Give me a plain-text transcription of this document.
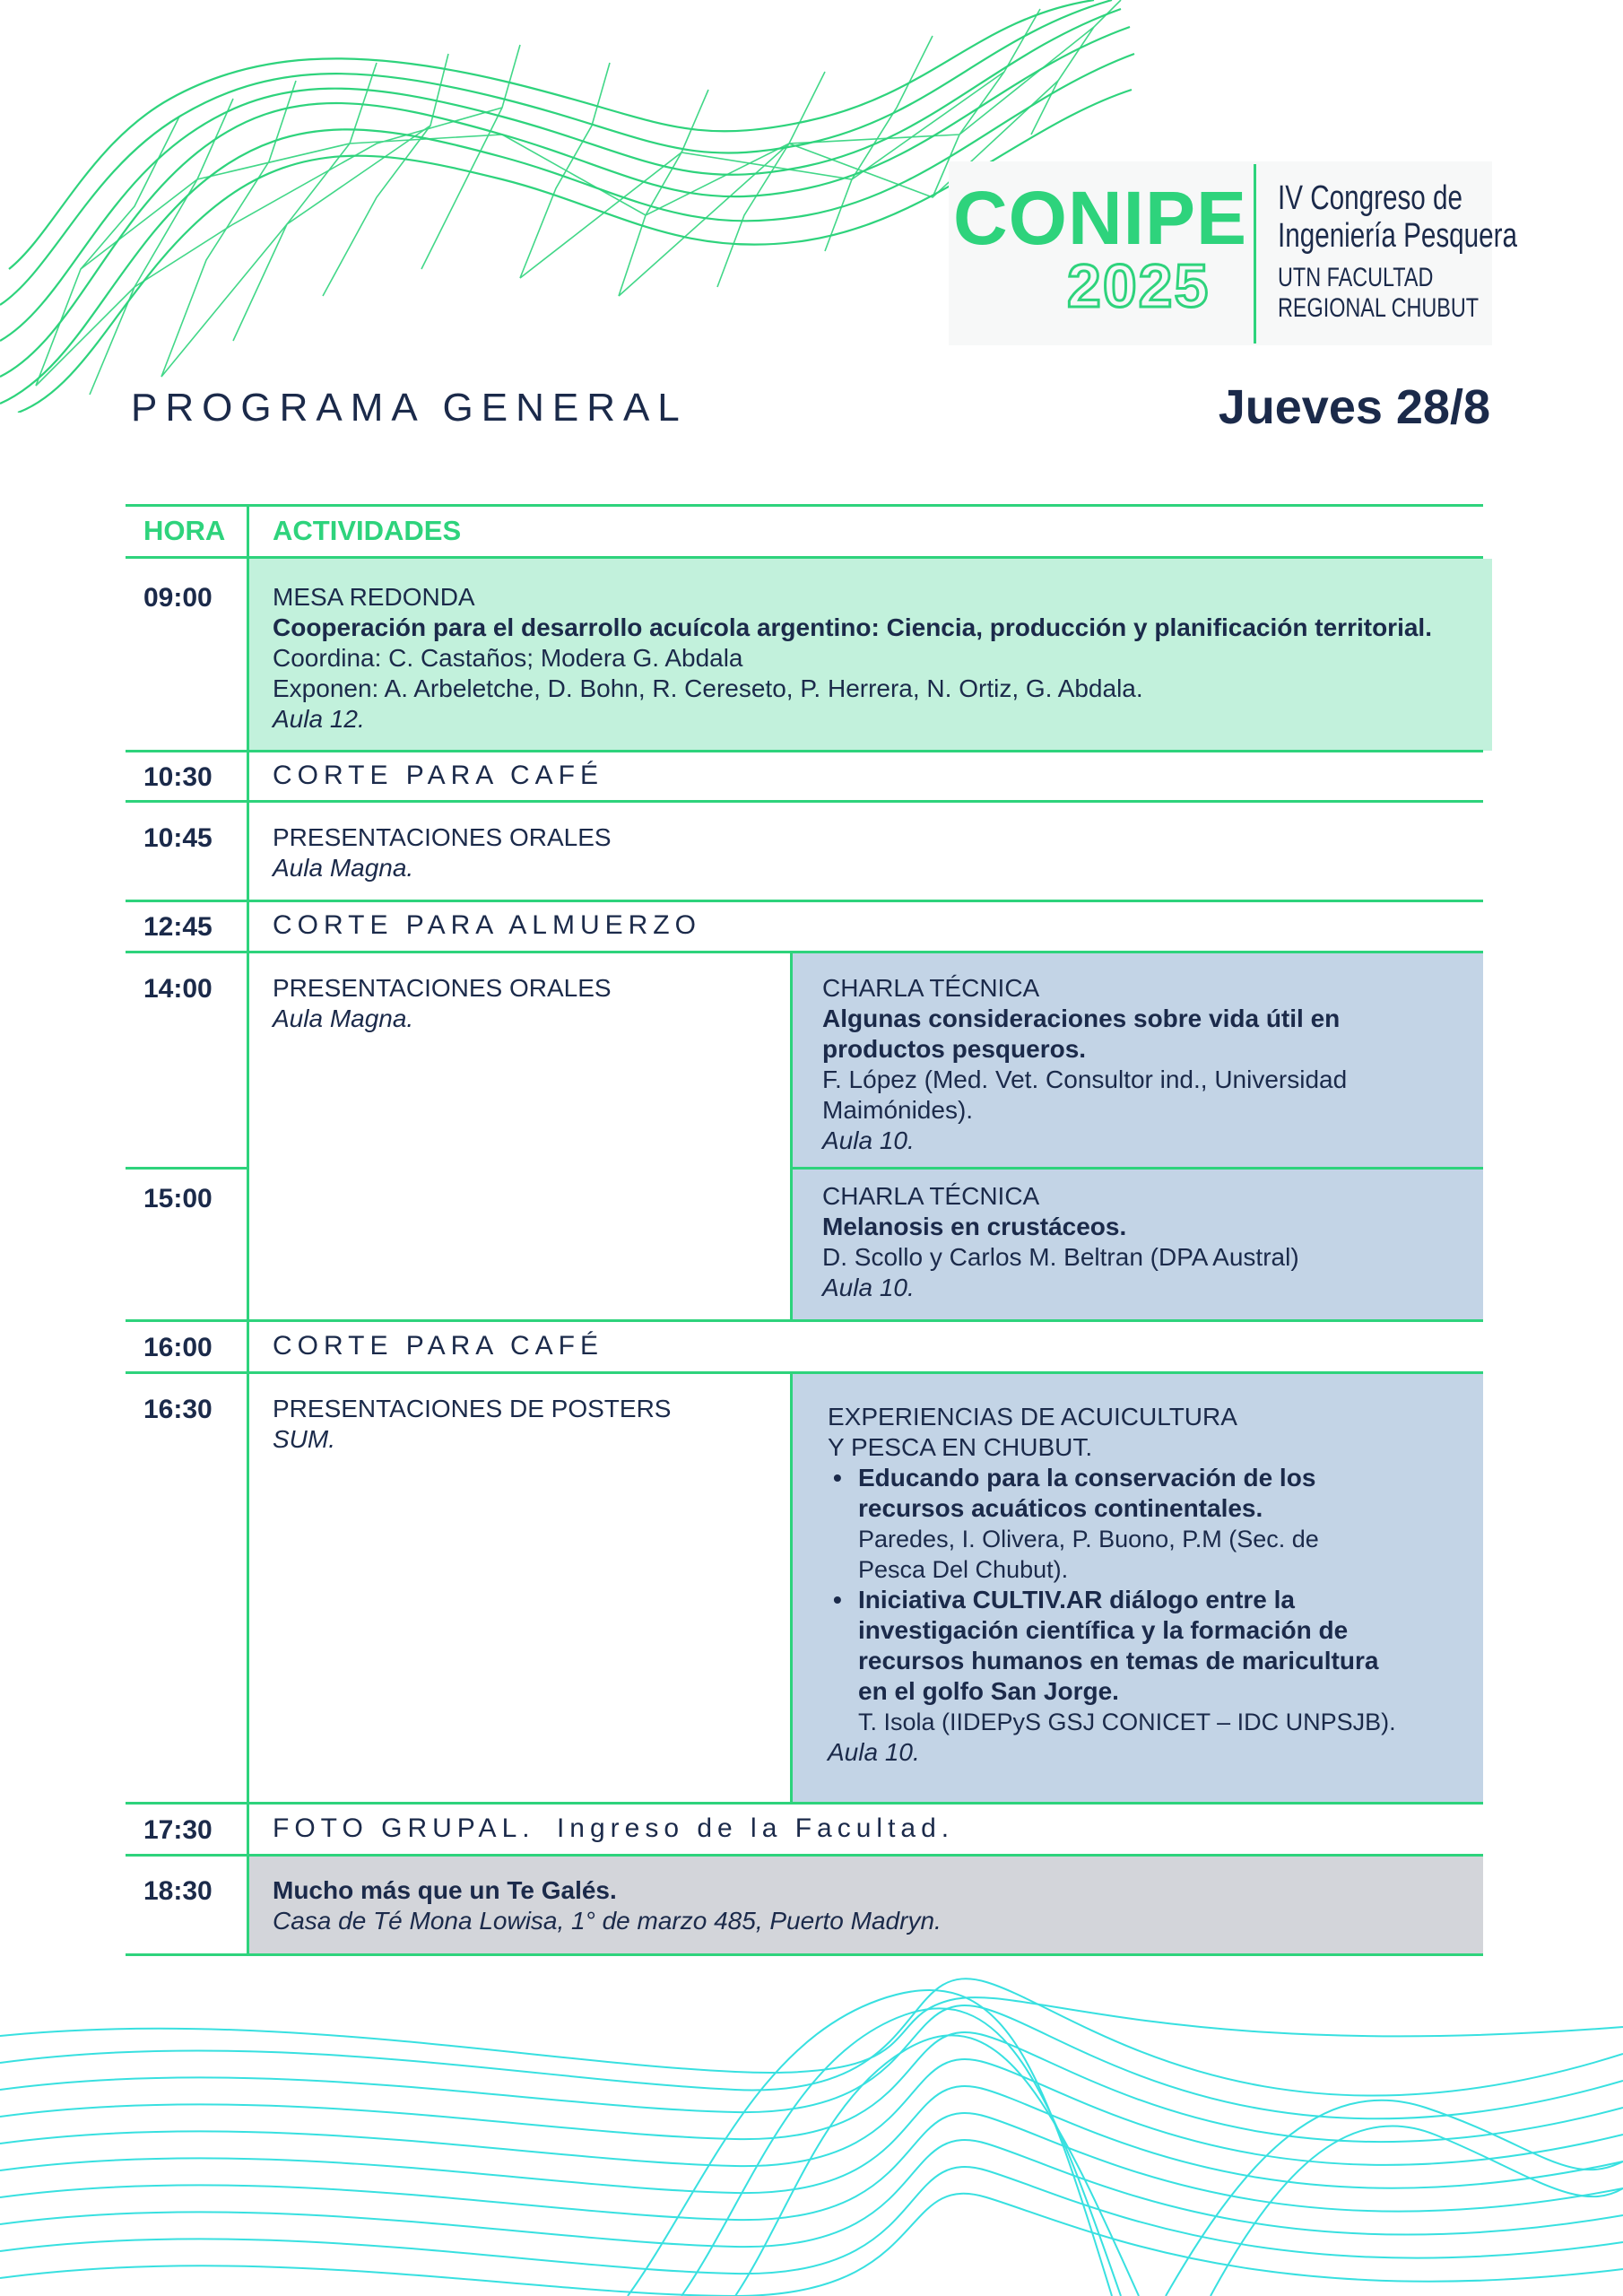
CONIPE
2025
IV Congreso de
Ingeniería Pesquera
UTN FACULTAD
REGIONAL CHUBUT
PROGRAMA GENERAL	Jueves 28/8
HORA ACTIVIDADES
09:00 MESA REDONDA
Cooperación para el desarrollo acuícola argentino: Ciencia, producción y planificación territorial.
Coordina: C. Castaños; Modera G. Abdala
Exponen: A. Arbeletche, D. Bohn, R. Cereseto, P. Herrera, N. Ortiz, G. Abdala.
Aula 12.
10:30 CORTE PARA CAFÉ
10:45 PRESENTACIONES ORALES
Aula Magna.
12:45 CORTE PARA ALMUERZO
14:00 PRESENTACIONES ORALES
Aula Magna.
CHARLA TÉCNICA
Algunas consideraciones sobre vida útil en
productos pesqueros.
F. López (Med. Vet. Consultor ind., Universidad
Maimónides).
Aula 10.
15:00	CHARLA TÉCNICA
Melanosis en crustáceos.
D. Scollo y Carlos M. Beltran (DPA Austral)
Aula 10.
16:00 CORTE PARA CAFÉ
16:30 PRESENTACIONES DE POSTERS
SUM.
EXPERIENCIAS DE ACUICULTURA
Y PESCA EN CHUBUT.
• Educando para la conservación de los
recursos acuáticos continentales.
Paredes, I. Olivera, P. Buono, P.M (Sec. de
Pesca Del Chubut).
• Iniciativa CULTIV.AR diálogo entre la
investigación científica y la formación de
recursos humanos en temas de maricultura
en el golfo San Jorge.
T. Isola (IIDEPyS GSJ CONICET – IDC UNPSJB).
Aula 10.
17:30 FOTO GRUPAL. Ingreso de la Facultad.
18:30 Mucho más que un Te Galés.
Casa de Té Mona Lowisa, 1° de marzo 485, Puerto Madryn.
